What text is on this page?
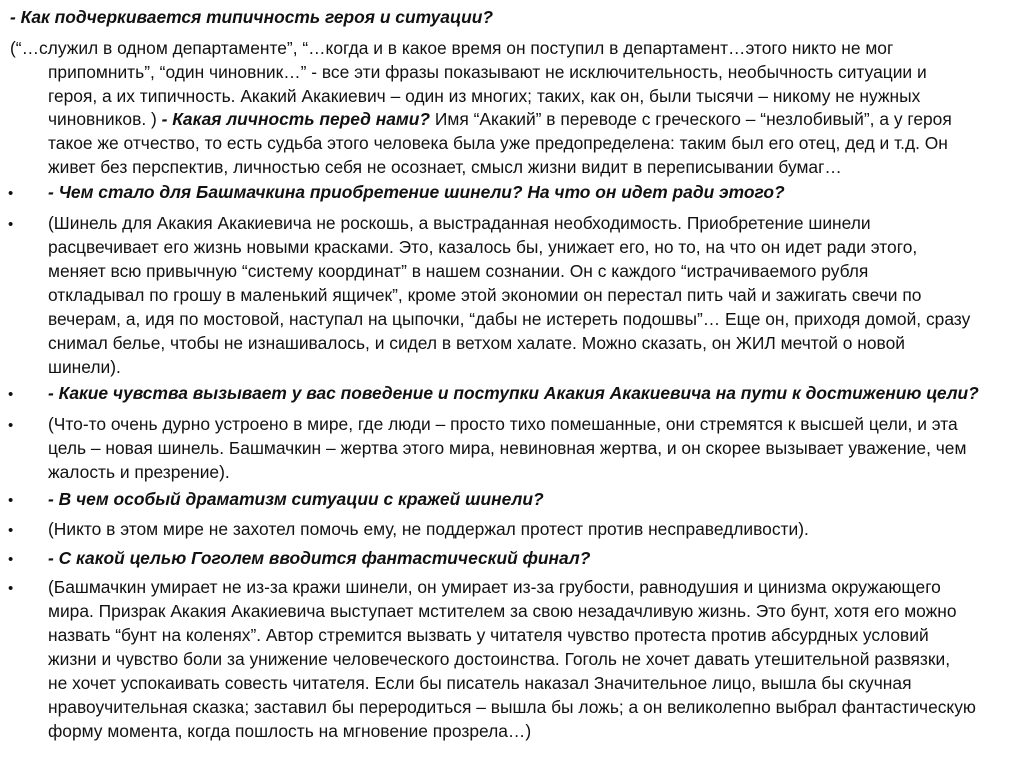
- Как подчеркивается типичность героя и ситуации?
(“…служил в одном департаменте”, “…когда и в какое время он поступил в департамент…этого никто не мог
припомнить”, “один чиновник…” - все эти фразы показывают не исключительность, необычность ситуации и
героя, а их типичность. Акакий Акакиевич – один из многих; таких, как он, были тысячи – никому не нужных
чиновников. ) - Какая личность перед нами? Имя “Акакий” в переводе с греческого – “незлобивый”, а у героя
такое же отчество, то есть судьба этого человека была уже предопределена: таким был его отец, дед и т.д. Он
живет без перспектив, личностью себя не осознает, смысл жизни видит в переписывании бумаг…
• - Чем стало для Башмачкина приобретение шинели? На что он идет ради этого?
• (Шинель для Акакия Акакиевича не роскошь, а выстраданная необходимость. Приобретение шинели
расцвечивает его жизнь новыми красками. Это, казалось бы, унижает его, но то, на что он идет ради этого,
меняет всю привычную “систему координат” в нашем сознании. Он с каждого “истрачиваемого рубля
откладывал по грошу в маленький ящичек”, кроме этой экономии он перестал пить чай и зажигать свечи по
вечерам, а, идя по мостовой, наступал на цыпочки, “дабы не истереть подошвы”… Еще он, приходя домой, сразу
снимал белье, чтобы не изнашивалось, и сидел в ветхом халате. Можно сказать, он ЖИЛ мечтой о новой
шинели).
• - Какие чувства вызывает у вас поведение и поступки Акакия Акакиевича на пути к достижению цели?
• (Что-то очень дурно устроено в мире, где люди – просто тихо помешанные, они стремятся к высшей цели, и эта
цель – новая шинель. Башмачкин – жертва этого мира, невиновная жертва, и он скорее вызывает уважение, чем
жалость и презрение).
• - В чем особый драматизм ситуации с кражей шинели?
• (Никто в этом мире не захотел помочь ему, не поддержал протест против несправедливости).
• - С какой целью Гоголем вводится фантастический финал?
• (Башмачкин умирает не из-за кражи шинели, он умирает из-за грубости, равнодушия и цинизма окружающего
мира. Призрак Акакия Акакиевича выступает мстителем за свою незадачливую жизнь. Это бунт, хотя его можно
назвать “бунт на коленях”. Автор стремится вызвать у читателя чувство протеста против абсурдных условий
жизни и чувство боли за унижение человеческого достоинства. Гоголь не хочет давать утешительной развязки,
не хочет успокаивать совесть читателя. Если бы писатель наказал Значительное лицо, вышла бы скучная
нравоучительная сказка; заставил бы переродиться – вышла бы ложь; а он великолепно выбрал фантастическую
форму момента, когда пошлость на мгновение прозрела…)
